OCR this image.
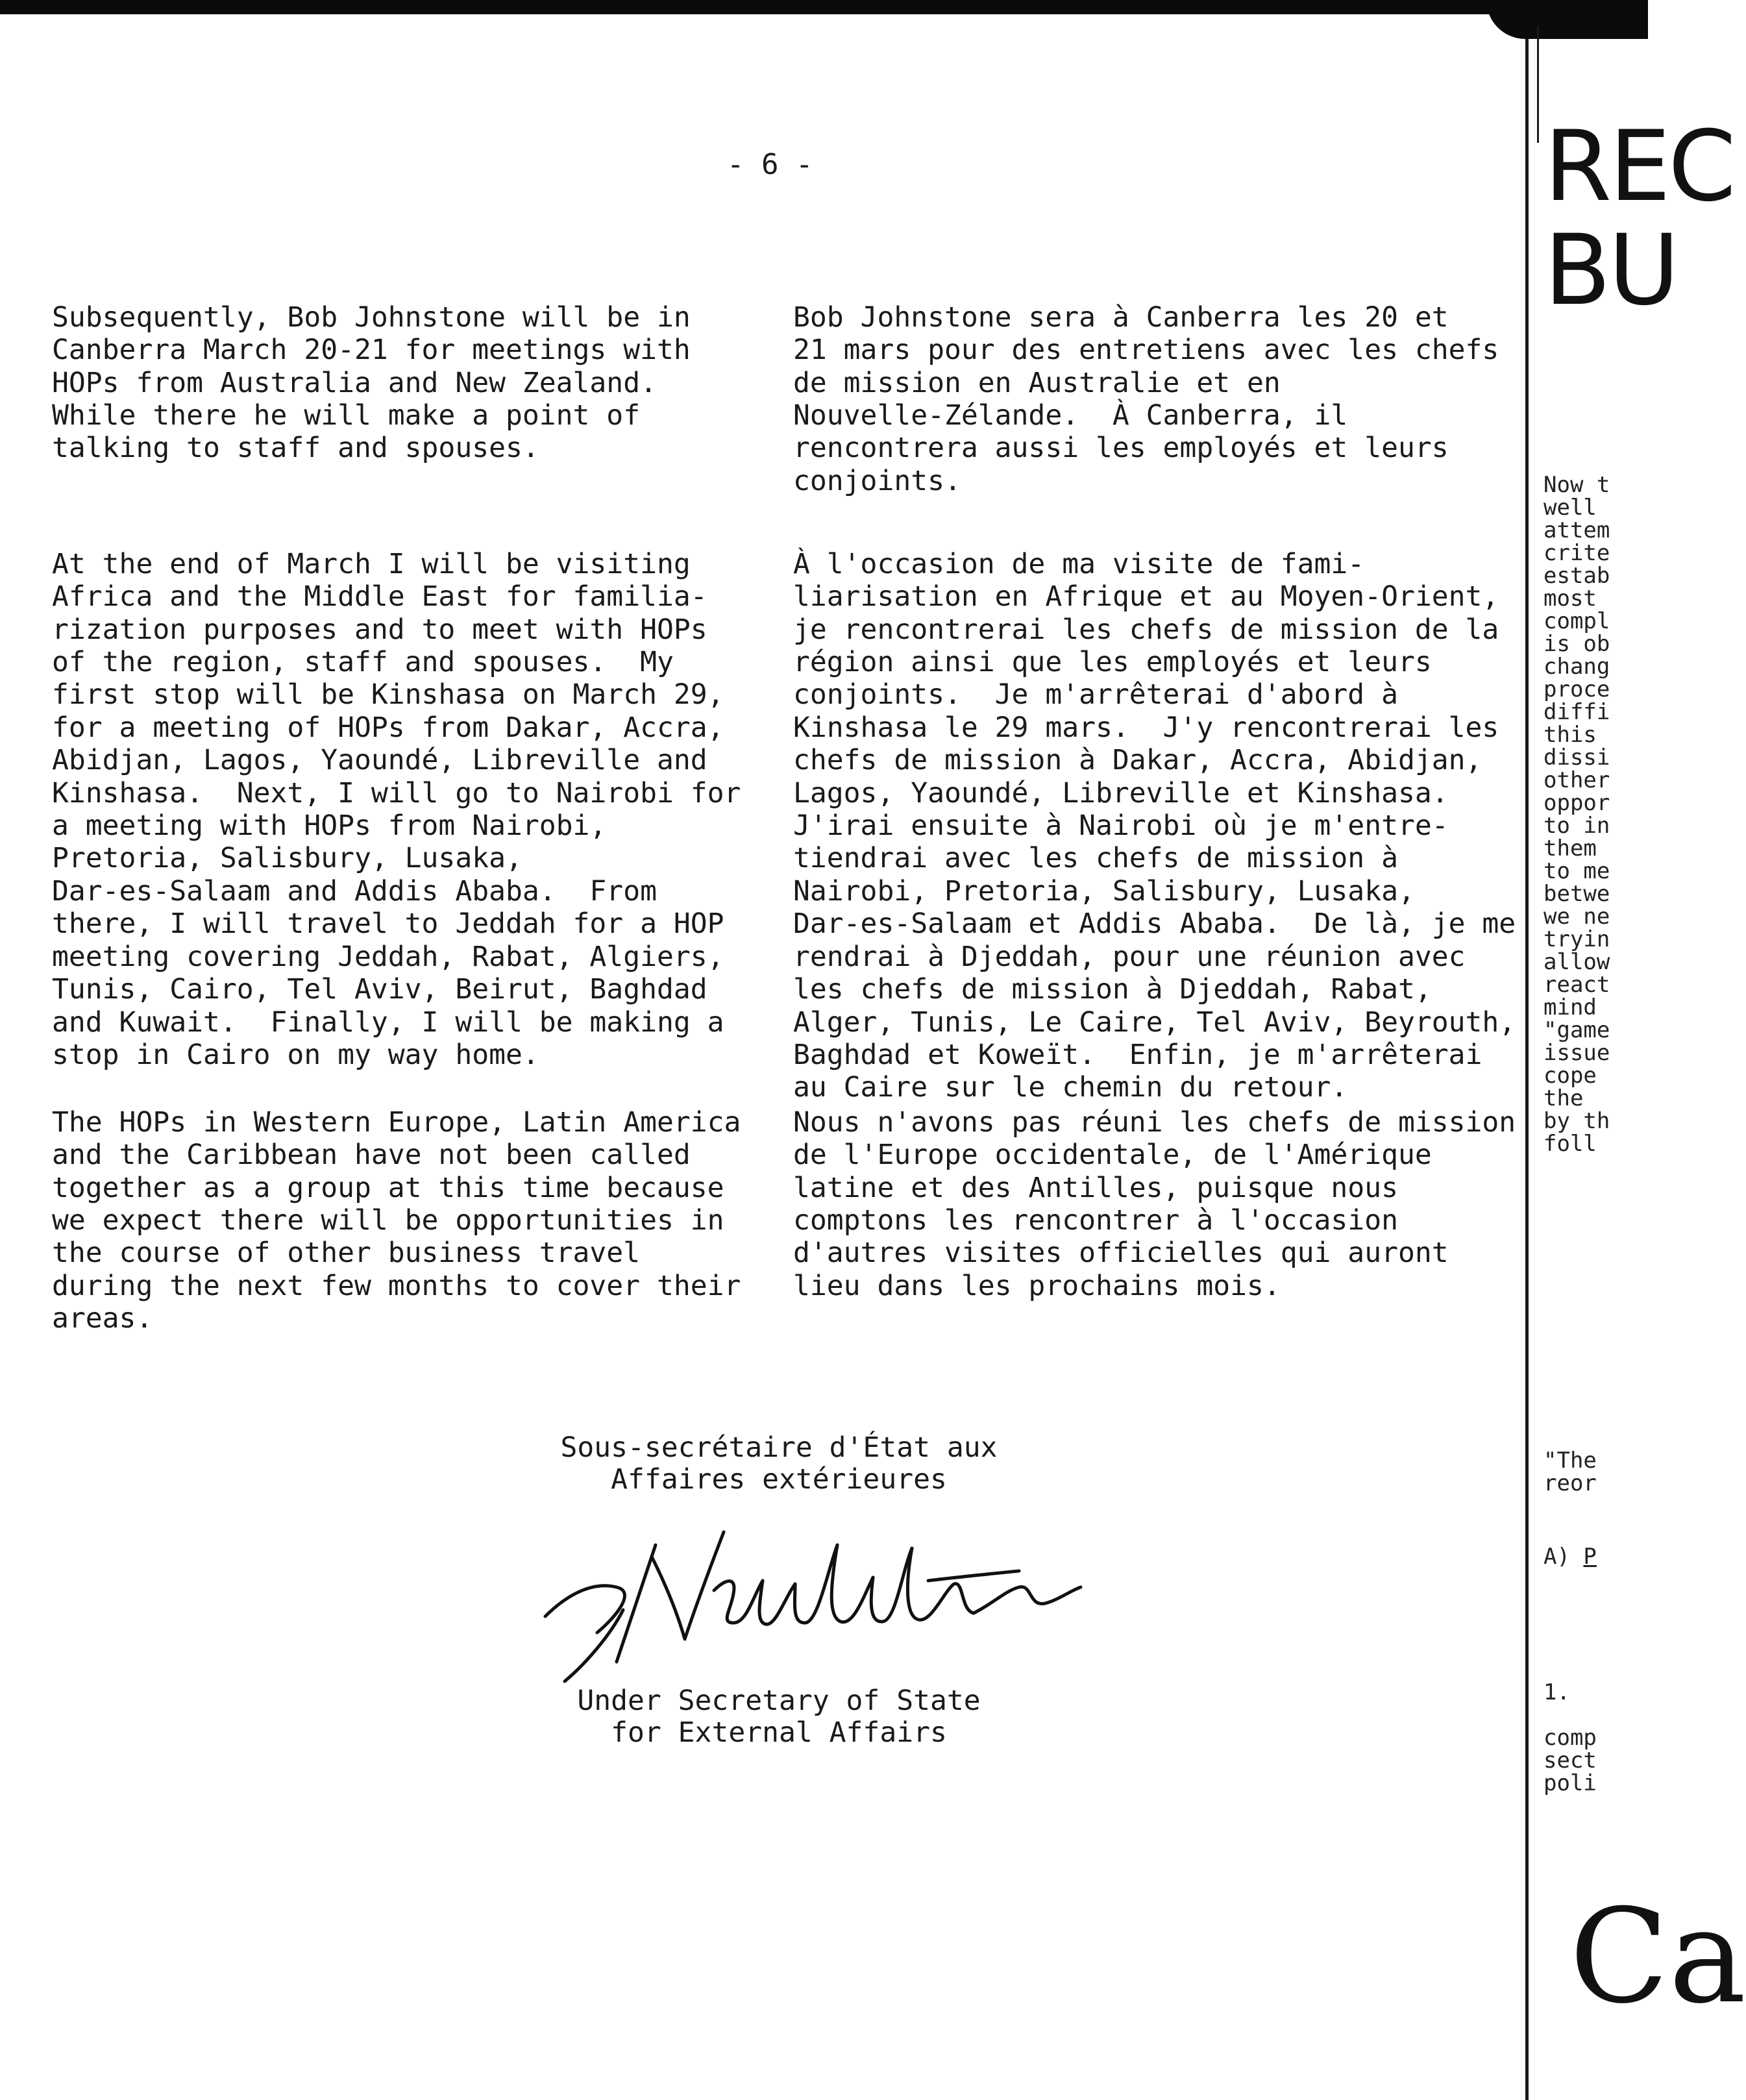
- 6 -

Subsequently, Bob Johnstone will be in
Canberra March 20-21 for meetings with
HOPs from Australia and New Zealand.
While there he will make a point of
talking to staff and spouses.

At the end of March I will be visiting
Africa and the Middle East for familia-
rization purposes and to meet with HOPs
of the region, staff and spouses.  My
first stop will be Kinshasa on March 29,
for a meeting of HOPs from Dakar, Accra,
Abidjan, Lagos, Yaoundé, Libreville and
Kinshasa.  Next, I will go to Nairobi for
a meeting with HOPs from Nairobi,
Pretoria, Salisbury, Lusaka,
Dar-es-Salaam and Addis Ababa.  From
there, I will travel to Jeddah for a HOP
meeting covering Jeddah, Rabat, Algiers,
Tunis, Cairo, Tel Aviv, Beirut, Baghdad
and Kuwait.  Finally, I will be making a
stop in Cairo on my way home.

The HOPs in Western Europe, Latin America
and the Caribbean have not been called
together as a group at this time because
we expect there will be opportunities in
the course of other business travel
during the next few months to cover their
areas.

Bob Johnstone sera à Canberra les 20 et
21 mars pour des entretiens avec les chefs
de mission en Australie et en
Nouvelle-Zélande.  À Canberra, il
rencontrera aussi les employés et leurs
conjoints.

À l'occasion de ma visite de fami-
liarisation en Afrique et au Moyen-Orient,
je rencontrerai les chefs de mission de la
région ainsi que les employés et leurs
conjoints.  Je m'arrêterai d'abord à
Kinshasa le 29 mars.  J'y rencontrerai les
chefs de mission à Dakar, Accra, Abidjan,
Lagos, Yaoundé, Libreville et Kinshasa.
J'irai ensuite à Nairobi où je m'entre-
tiendrai avec les chefs de mission à
Nairobi, Pretoria, Salisbury, Lusaka,
Dar-es-Salaam et Addis Ababa.  De là, je me
rendrai à Djeddah, pour une réunion avec
les chefs de mission à Djeddah, Rabat,
Alger, Tunis, Le Caire, Tel Aviv, Beyrouth,
Baghdad et Koweït.  Enfin, je m'arrêterai
au Caire sur le chemin du retour.

Nous n'avons pas réuni les chefs de mission
de l'Europe occidentale, de l'Amérique
latine et des Antilles, puisque nous
comptons les rencontrer à l'occasion
d'autres visites officielles qui auront
lieu dans les prochains mois.

Sous-secrétaire d'État aux
Affaires extérieures
Under Secretary of State
for External Affairs
REC
BU
Now t
well
attem
crite
estab
most
compl
is ob
chang
proce
diffi
this
dissi
other
oppor
to in
them
to me
betwe
we ne
tryin
allow
react
mind
"game
issue
cope
the
by th
foll
"The
reor
A) P
1.

comp
sect
poli
Ca
